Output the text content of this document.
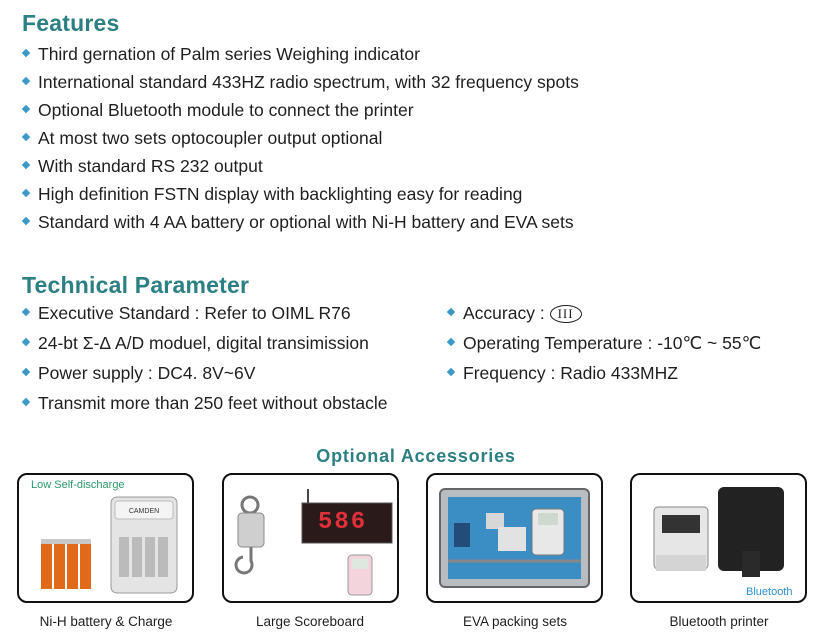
Features
Third gernation of Palm series Weighing indicator
International standard 433HZ radio spectrum, with 32 frequency spots
Optional Bluetooth module to connect the printer
At most two sets optocoupler output optional
With standard RS 232 output
High definition FSTN display with backlighting easy for reading
Standard with 4 AA battery or optional with Ni-H battery and EVA sets
Technical Parameter
Executive Standard : Refer to OIML R76
24-bt Σ-Δ A/D moduel, digital transimission
Power supply : DC4. 8V~6V
Transmit more than 250 feet without obstacle
Accuracy : III
Operating Temperature : -10℃ ~ 55℃
Frequency : Radio 433MHZ
Optional Accessories
CAMDEN
Low Self-discharge
586
Bluetooth
Ni-H battery & Charge	Large Scoreboard	EVA packing sets	Bluetooth printer
